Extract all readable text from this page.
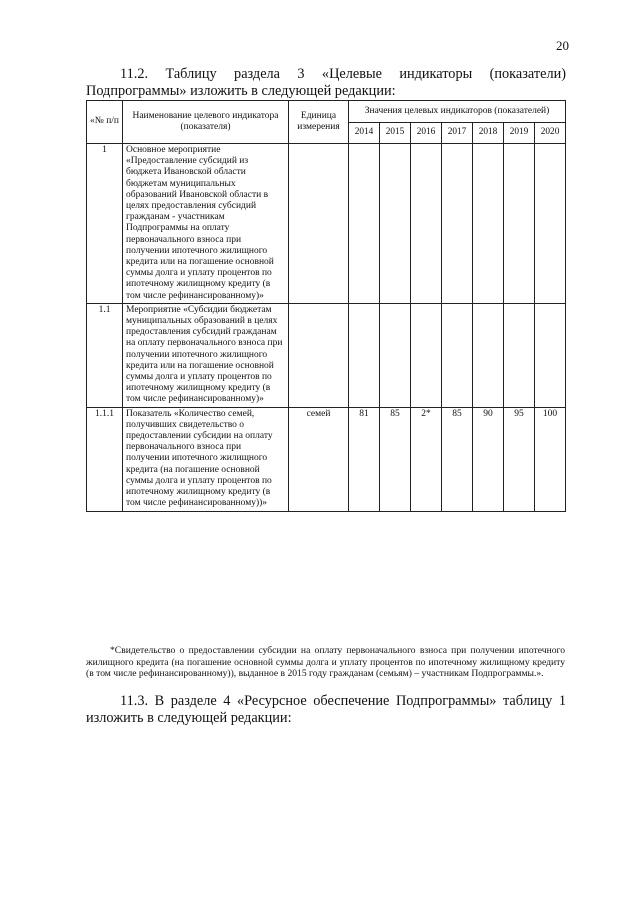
20
11.2. Таблицу раздела 3 «Целевые индикаторы (показатели)
Подпрограммы» изложить в следующей редакции:
«№ п/п	Наименование целевого индикатора (показателя)	Единица измерения	Значения целевых индикаторов (показателей)						
			2014	2015	2016	2017	2018	2019	2020
1	Основное мероприятие «Предоставление субсидий из бюджета Ивановской области бюджетам муниципальных образований Ивановской области в целях предоставления субсидий гражданам - участникам Подпрограммы на оплату первоначального взноса при получении ипотечного жилищного кредита или на погашение основной суммы долга и уплату процентов по ипотечному жилищному кредиту (в том числе рефинансированному)»								
1.1	Мероприятие «Субсидии бюджетам муниципальных образований в целях предоставления субсидий гражданам на оплату первоначального взноса при получении ипотечного жилищного кредита или на погашение основной суммы долга и уплату процентов по ипотечному жилищному кредиту (в том числе рефинансированному)»								
1.1.1	Показатель «Количество семей, получивших свидетельство о предоставлении субсидии на оплату первоначального взноса при получении ипотечного жилищного кредита (на погашение основной суммы долга и уплату процентов по ипотечному жилищному кредиту (в том числе рефинансированному))»	семей	81	85	2*	85	90	95	100
*Свидетельство о предоставлении субсидии на оплату первоначального взноса при получении ипотечного жилищного кредита (на погашение основной суммы долга и уплату процентов по ипотечному жилищному кредиту (в том числе рефинансированному)), выданное в 2015 году гражданам (семьям) – участникам Подпрограммы.».
11.3. В разделе 4 «Ресурсное обеспечение Подпрограммы» таблицу 1 изложить в следующей редакции:
